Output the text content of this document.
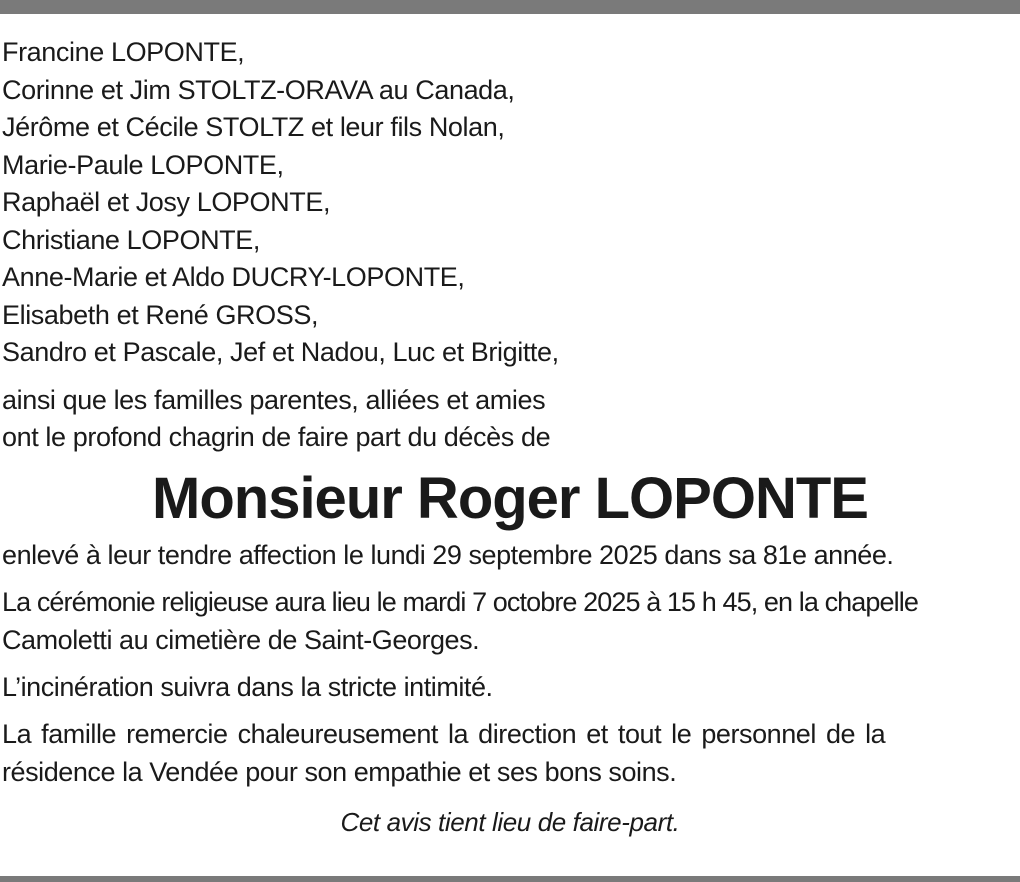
Francine LOPONTE,
Corinne et Jim STOLTZ-ORAVA au Canada,
Jérôme et Cécile STOLTZ et leur fils Nolan,
Marie-Paule LOPONTE,
Raphaël et Josy LOPONTE,
Christiane LOPONTE,
Anne-Marie et Aldo DUCRY-LOPONTE,
Elisabeth et René GROSS,
Sandro et Pascale, Jef et Nadou, Luc et Brigitte,
ainsi que les familles parentes, alliées et amies
ont le profond chagrin de faire part du décès de
Monsieur Roger LOPONTE
enlevé à leur tendre affection le lundi 29 septembre 2025 dans sa 81e année.
La cérémonie religieuse aura lieu le mardi 7 octobre 2025 à 15 h 45, en la chapelle
Camoletti au cimetière de Saint-Georges.
L’incinération suivra dans la stricte intimité.
La famille remercie chaleureusement la direction et tout le personnel de la
résidence la Vendée pour son empathie et ses bons soins.
Cet avis tient lieu de faire-part.
